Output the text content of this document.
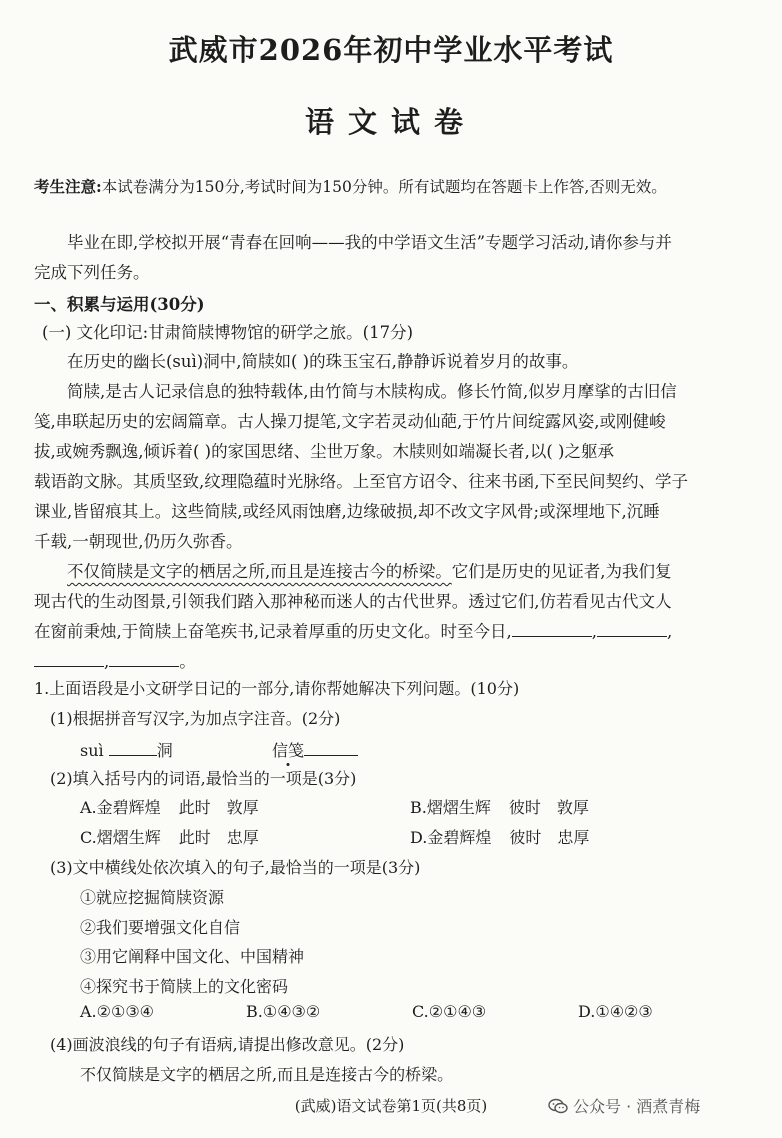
武威市2026年初中学业水平考试
语文试卷
考生注意:本试卷满分为150分,考试时间为150分钟。所有试题均在答题卡上作答,否则无效。
毕业在即,学校拟开展“青春在回响——我的中学语文生活”专题学习活动,请你参与并
完成下列任务。
一、积累与运用(30分)
(一) 文化印记:甘肃简牍博物馆的研学之旅。(17分)
在历史的幽长(suì)洞中,简牍如( )的珠玉宝石,静静诉说着岁月的故事。
简牍,是古人记录信息的独特载体,由竹简与木牍构成。修长竹简,似岁月摩挲的古旧信
笺,串联起历史的宏阔篇章。古人操刀提笔,文字若灵动仙葩,于竹片间绽露风姿,或刚健峻
拔,或婉秀飘逸,倾诉着( )的家国思绪、尘世万象。木牍则如端凝长者,以( )之躯承
载语韵文脉。其质坚致,纹理隐蕴时光脉络。上至官方诏令、往来书函,下至民间契约、学子
课业,皆留痕其上。这些简牍,或经风雨蚀磨,边缘破损,却不改文字风骨;或深埋地下,沉睡
千载,一朝现世,仍历久弥香。
不仅简牍是文字的栖居之所,而且是连接古今的桥梁。它们是历史的见证者,为我们复
现古代的生动图景,引领我们踏入那神秘而迷人的古代世界。透过它们,仿若看见古代文人
在窗前秉烛,于简牍上奋笔疾书,记录着厚重的历史文化。时至今日,	,	,
,	。
1.上面语段是小文研学日记的一部分,请你帮她解决下列问题。(10分)
(1)根据拼音写汉字,为加点字注音。(2分)
suì	洞	信笺
(2)填入括号内的词语,最恰当的一项是(3分)
A.金碧辉煌 此时 敦厚	B.熠熠生辉 彼时 敦厚
C.熠熠生辉 此时 忠厚	D.金碧辉煌 彼时 忠厚
(3)文中横线处依次填入的句子,最恰当的一项是(3分)
①就应挖掘简牍资源
②我们要增强文化自信
③用它阐释中国文化、中国精神
④探究书于简牍上的文化密码
A.②①③④	B.①④③②	C.②①④③	D.①④②③
(4)画波浪线的句子有语病,请提出修改意见。(2分)
不仅简牍是文字的栖居之所,而且是连接古今的桥梁。
(武威)语文试卷第1页(共8页)	公众号 · 酒煮青梅
